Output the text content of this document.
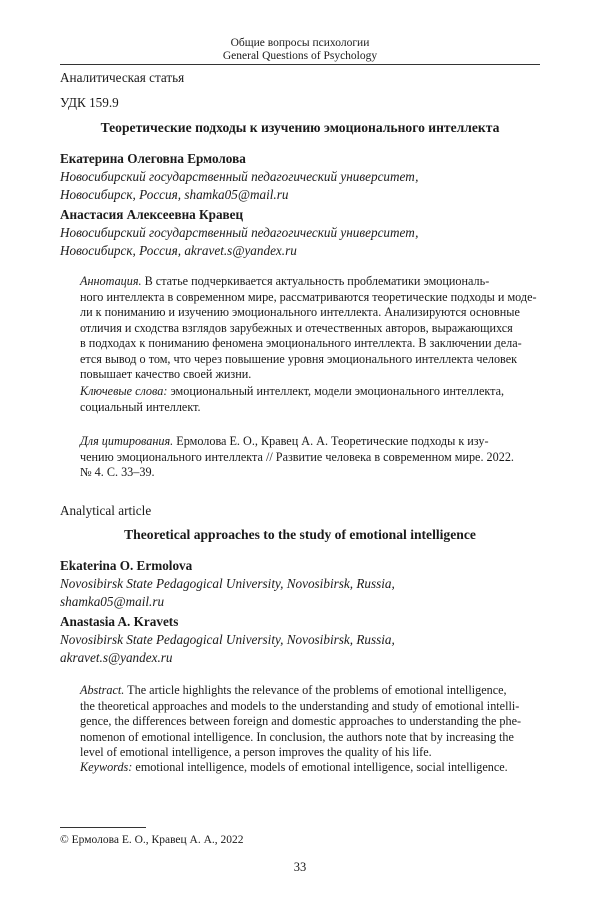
Общие вопросы психологии
General Questions of Psychology
Аналитическая статья
УДК 159.9
Теоретические подходы к изучению эмоционального интеллекта
Екатерина Олеговна Ермолова
Новосибирский государственный педагогический университет,
Новосибирск, Россия, shamka05@mail.ru
Анастасия Алексеевна Кравец
Новосибирский государственный педагогический университет,
Новосибирск, Россия, akravet.s@yandex.ru
Аннотация. В статье подчеркивается актуальность проблематики эмоциональ-
ного интеллекта в современном мире, рассматриваются теоретические подходы и моде-
ли к пониманию и изучению эмоционального интеллекта. Анализируются основные
отличия и сходства взглядов зарубежных и отечественных авторов, выражающихся
в подходах к пониманию феномена эмоционального интеллекта. В заключении дела-
ется вывод о том, что через повышение уровня эмоционального интеллекта человек
повышает качество своей жизни.
Ключевые слова: эмоциональный интеллект, модели эмоционального интеллекта,
социальный интеллект.
Для цитирования. Ермолова Е. О., Кравец А. А. Теоретические подходы к изу-
чению эмоционального интеллекта // Развитие человека в современном мире. 2022.
№ 4. С. 33–39.
Analytical article
Theoretical approaches to the study of emotional intelligence
Ekaterina O. Ermolova
Novosibirsk State Pedagogical University, Novosibirsk, Russia,
shamka05@mail.ru
Anastasia A. Kravets
Novosibirsk State Pedagogical University, Novosibirsk, Russia,
akravet.s@yandex.ru
Abstract. The article highlights the relevance of the problems of emotional intelligence,
the theoretical approaches and models to the understanding and study of emotional intelli-
gence, the differences between foreign and domestic approaches to understanding the phe-
nomenon of emotional intelligence. In conclusion, the authors note that by increasing the
level of emotional intelligence, a person improves the quality of his life.
Keywords: emotional intelligence, models of emotional intelligence, social intelligence.
© Ермолова Е. О., Кравец А. А., 2022
33
